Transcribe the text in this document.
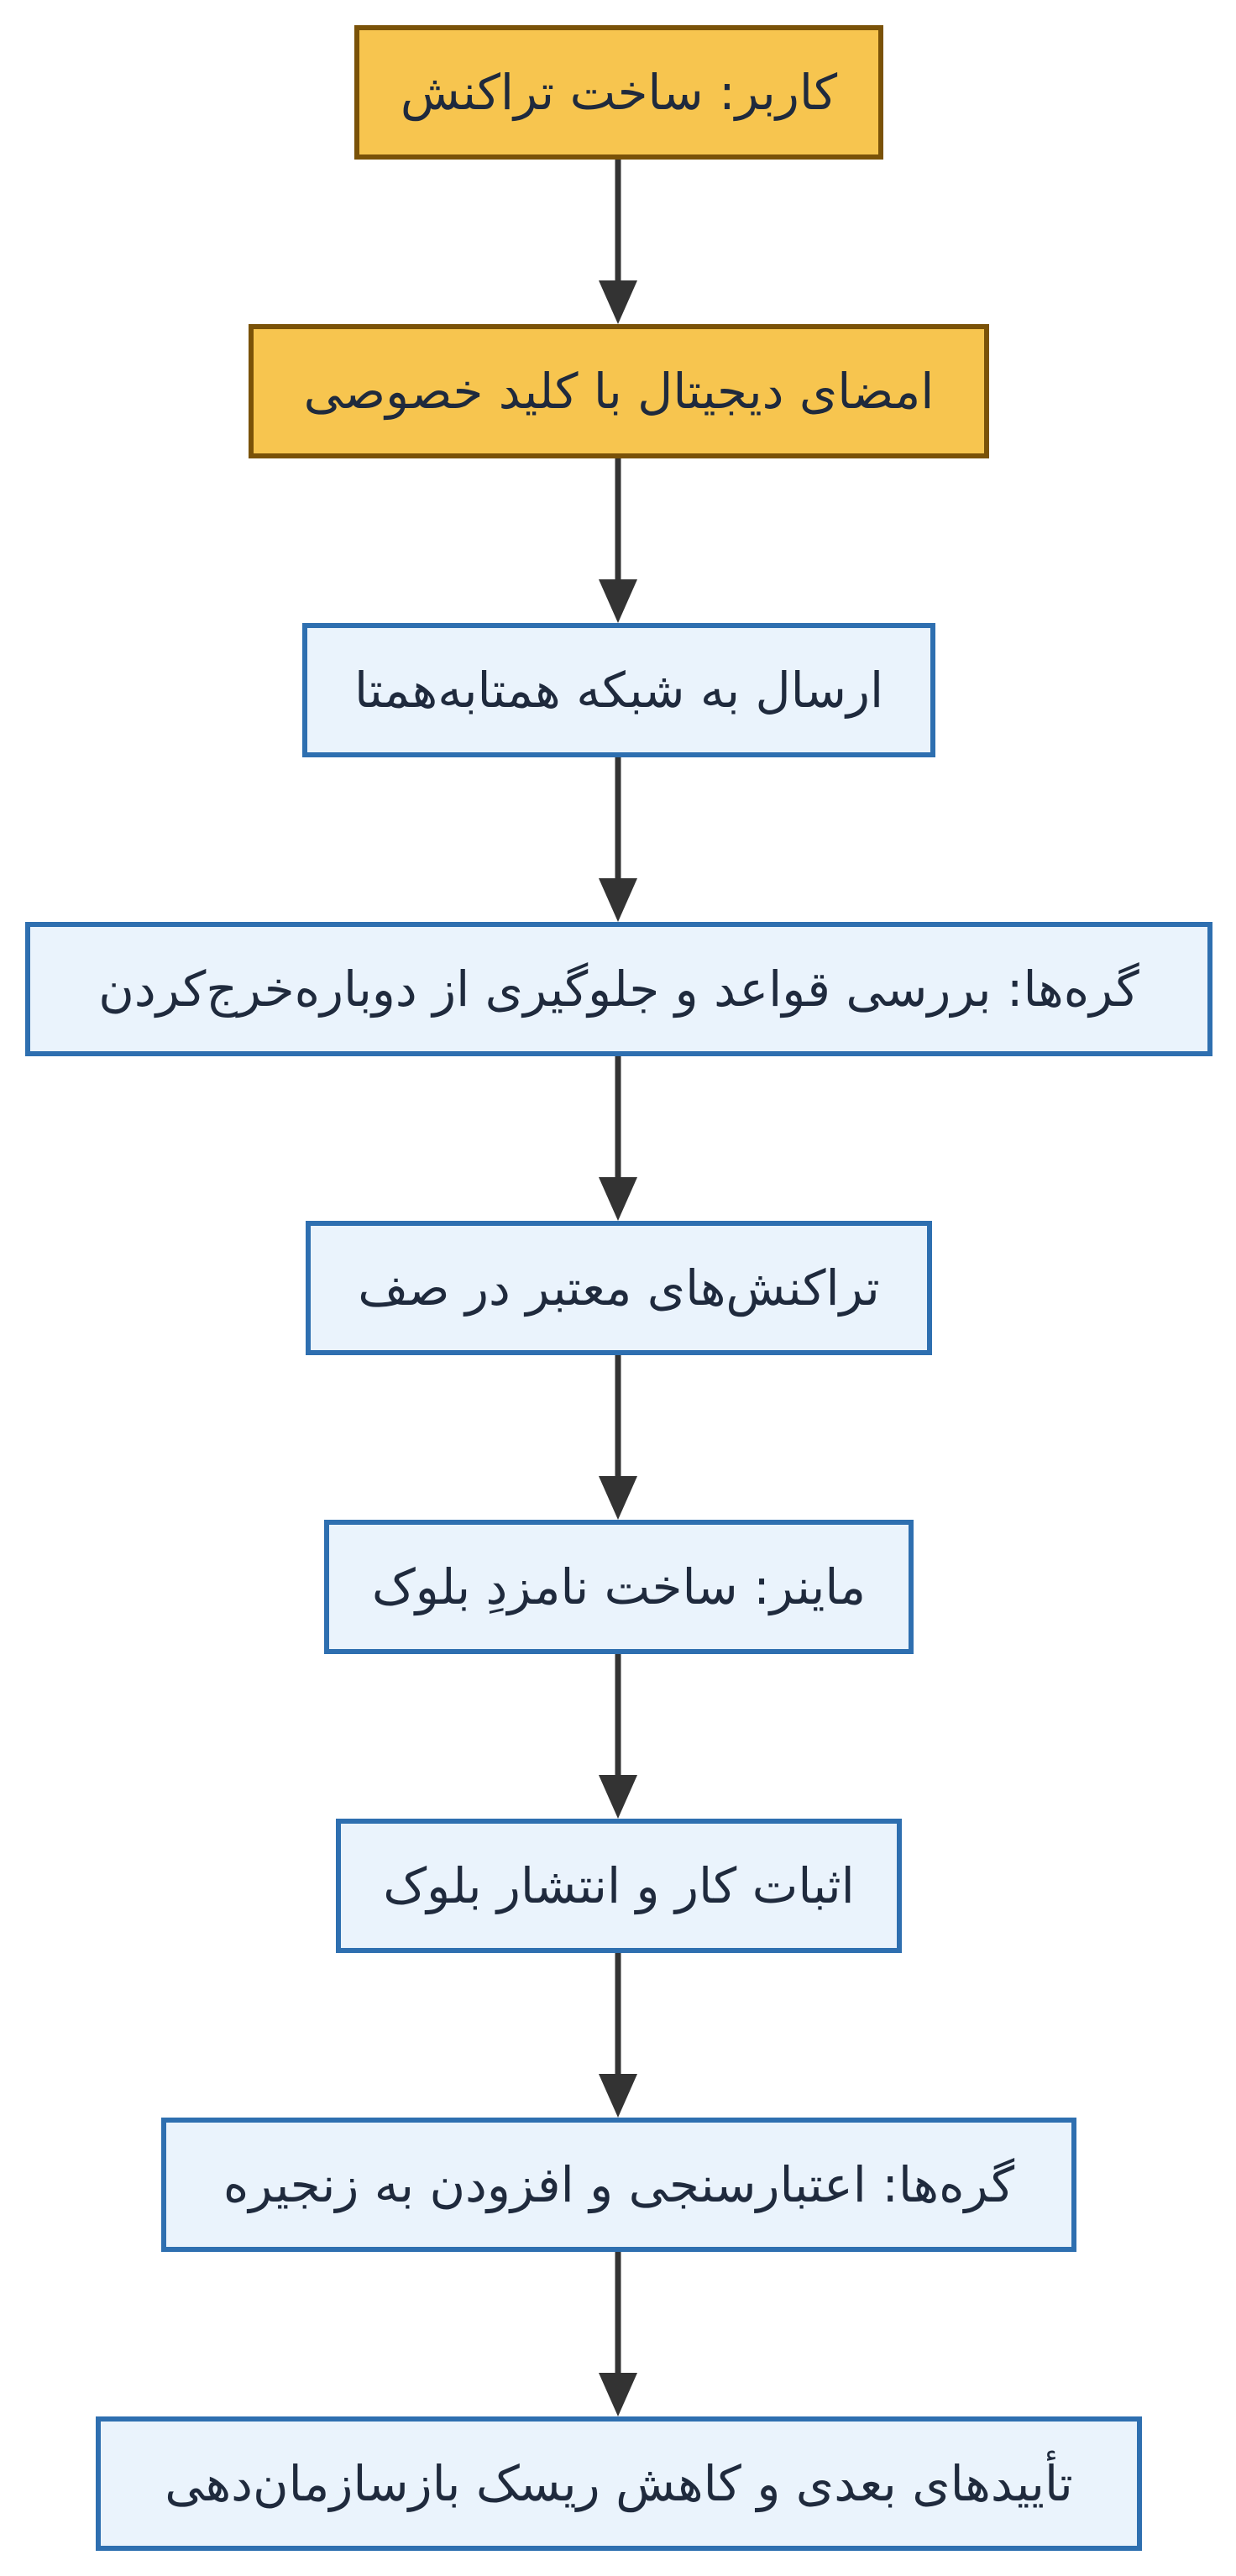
کاربر: ساخت تراکنش
امضای دیجیتال با کلید خصوصی
ارسال به شبکه همتابه‌همتا
گره‌ها: بررسی قواعد و جلوگیری از دوباره‌خرج‌کردن
تراکنش‌های معتبر در صف
ماینر: ساخت نامزدِ بلوک
اثبات کار و انتشار بلوک
گره‌ها: اعتبارسنجی و افزودن به زنجیره
تأییدهای بعدی و کاهش ریسک بازسازمان‌دهی
